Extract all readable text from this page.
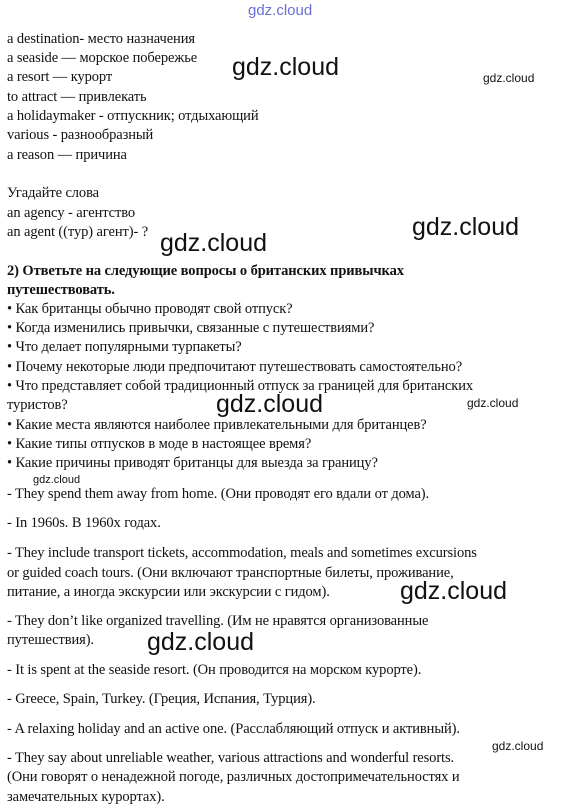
gdz.cloud
a destination- место назначения
a seaside — морское побережье
a resort — курорт
to attract — привлекать
a holidaymaker - отпускник; отдыхающий
various - разнообразный
a reason — причина
Угадайте слова
an agency - агентство
an agent ((тур) агент)- ?
2) Ответьте на следующие вопросы о британских привычках
путешествовать.
• Как британцы обычно проводят свой отпуск?
• Когда изменились привычки, связанные с путешествиями?
• Что делает популярными турпакеты?
• Почему некоторые люди предпочитают путешествовать самостоятельно?
• Что представляет собой традиционный отпуск за границей для британских
туристов?
• Какие места являются наиболее привлекательными для британцев?
• Какие типы отпусков в моде в настоящее время?
• Какие причины приводят британцы для выезда за границу?
- They spend them away from home. (Они проводят его вдали от дома).
- In 1960s. В 1960х годах.
- They include transport tickets, accommodation, meals and sometimes excursions
or guided coach tours. (Они включают транспортные билеты, проживание,
питание, а иногда экскурсии или экскурсии с гидом).
- They don’t like organized travelling. (Им не нравятся организованные
путешествия).
- It is spent at the seaside resort. (Он проводится на морском курорте).
- Greece, Spain, Turkey. (Греция, Испания, Турция).
- A relaxing holiday and an active one. (Расслабляющий отпуск и активный).
- They say about unreliable weather, various attractions and wonderful resorts.
(Они говорят о ненадежной погоде, различных достопримечательностях и
замечательных курортах).
gdz.cloud	gdz.cloud
gdz.cloud
gdz.cloud
gdz.cloud	gdz.cloud
gdz.cloud
gdz.cloud
gdz.cloud
gdz.cloud
